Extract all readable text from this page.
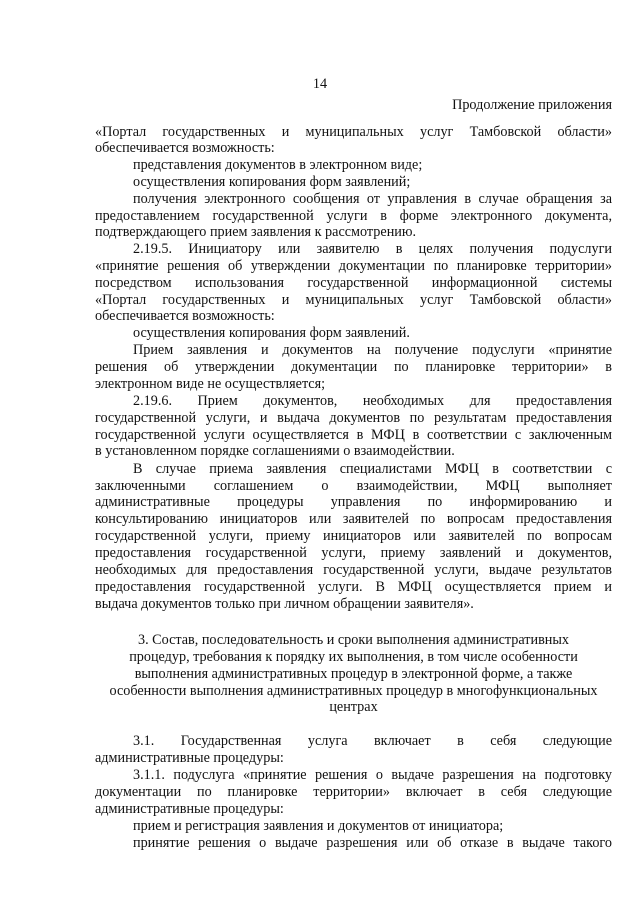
14
Продолжение приложения
«Портал государственных и муниципальных услуг Тамбовской области»
обеспечивается возможность:
представления документов в электронном виде;
осуществления копирования форм заявлений;
получения электронного сообщения от управления в случае обращения за
предоставлением государственной услуги в форме электронного документа,
подтверждающего прием заявления к рассмотрению.
2.19.5. Инициатору или заявителю в целях получения подуслуги
«принятие решения об утверждении документации по планировке территории»
посредством использования государственной информационной системы
«Портал государственных и муниципальных услуг Тамбовской области»
обеспечивается возможность:
осуществления копирования форм заявлений.
Прием заявления и документов на получение подуслуги «принятие
решения об утверждении документации по планировке территории» в
электронном виде не осуществляется;
2.19.6. Прием документов, необходимых для предоставления
государственной услуги, и выдача документов по результатам предоставления
государственной услуги осуществляется в МФЦ в соответствии с заключенным
в установленном порядке соглашениями о взаимодействии.
В случае приема заявления специалистами МФЦ в соответствии с
заключенными соглашением о взаимодействии, МФЦ выполняет
административные процедуры управления по информированию и
консультированию инициаторов или заявителей по вопросам предоставления
государственной услуги, приему инициаторов или заявителей по вопросам
предоставления государственной услуги, приему заявлений и документов,
необходимых для предоставления государственной услуги, выдаче результатов
предоставления государственной услуги. В МФЦ осуществляется прием и
выдача документов только при личном обращении заявителя».
3. Состав, последовательность и сроки выполнения административных
процедур, требования к порядку их выполнения, в том числе особенности
выполнения административных процедур в электронной форме, а также
особенности выполнения административных процедур в многофункциональных
центрах
3.1. Государственная услуга включает в себя следующие
административные процедуры:
3.1.1. подуслуга «принятие решения о выдаче разрешения на подготовку
документации по планировке территории» включает в себя следующие
административные процедуры:
прием и регистрация заявления и документов от инициатора;
принятие решения о выдаче разрешения или об отказе в выдаче такого
